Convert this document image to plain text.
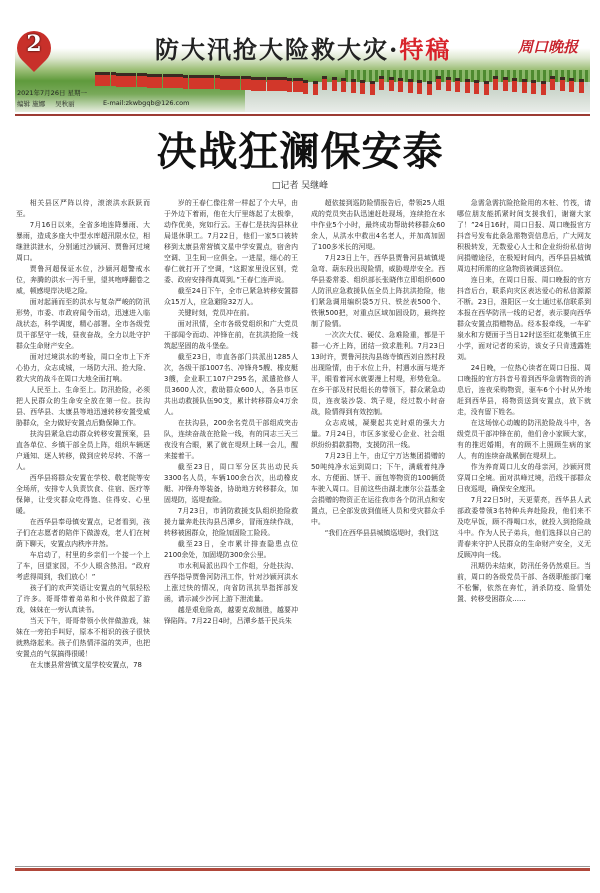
2	防大汛抢大险救大灾·特稿	周口晚报
2021年7月26日 星期一
编辑 施娜 吴秋丽	E-mail:zkwbgqb@126.com
决战狂澜保安泰
□记者 吴继峰

相关县区严阵以待，滚滚洪水跃跃而至。

7月16日以来，全省多地连降暴雨、大暴雨，造成多座大中型水库超汛限水位，相继泄洪泄水，分别通过沙颍河、贾鲁河过境周口。

贾鲁河超保证水位，沙颍河超警戒水位，奔腾的洪水一泻千里，望其咆哮翻卷之威，顿感堤岸决堤之险。

面对起涌而至的洪水与复杂严峻的防汛形势，市委、市政府闻令而动，迅速进入临战状态，科学调度，精心部署。全市各级党员干部坚守一线，昼夜奋战，全力以赴守护群众生命财产安全。

面对过境洪水的考验，周口全市上下齐心协力，众志成城，一场防大汛、抢大险、救大灾的战斗在周口大地全面打响。

人民至上、生命至上。防汛抢险，必须把人民群众的生命安全放在第一位。扶沟县、西华县、太康县等地迅速转移安置受威胁群众，全力做好安置点后勤保障工作。

扶沟县紧急启动群众转移安置预案，县直各单位、乡镇干部全员上阵，组织车辆逐户通知、逐人转移，做到应转尽转、不落一人。

西华县将群众安置在学校、敬老院等安全场所，安排专人负责饮食、住宿、医疗等保障，让受灾群众吃得饱、住得安、心里暖。

在西华县奉母镇安置点，记者看到，孩子们在志愿者的陪伴下做游戏，老人们在树荫下聊天，安置点内秩序井然。

车启动了，村里的乡亲们一个接一个上了车，回望家园，不少人眼含热泪。“政府考虑得周到，我们放心！”

孩子们的欢声笑语让安置点的气氛轻松了许多。哥哥带着弟弟和小伙伴做起了游戏，妹妹在一旁认真读书。

当天下午，哥哥带领小伙伴做游戏，妹妹在一旁拍手叫好，原本不相识的孩子很快就熟络起来。孩子们热情洋溢的笑声，也把安置点的气氛搞得很暖！

在太康县常营镇文星学校安置点，78

岁的王春仁像往常一样起了个大早，由于外边下着雨，他在大厅里练起了太极拳，动作优美，宛如行云。王春仁是扶沟县林业局退休职工。7月22日，他们一家5口被转移到太康县常营镇文星中学安置点，宿舍内空调、卫生间一应俱全。一进屋，细心的王春仁就打开了空调，“这跟家里没区别，党委、政府安排得真周到。”王春仁连声说。

截至24日下午，全市已紧急转移安置群众15万人，应急避险32万人。

关键时刻，党员冲在前。

面对汛情，全市各级党组织和广大党员干部闻令而动、冲锋在前，在抗洪抢险一线筑起坚固的战斗堡垒。

截至23日，市直各部门共派出1285人次，各级干部1007名、冲锋舟5艘、橡皮艇3艘，企业职工107户295名，派遣抢修人员3600人次，救助群众600人，各县市区共出动救援队伍90支，累计转移群众4万余人。

在扶沟县，200余名党员干部组成突击队，连续奋战在抢险一线，有的同志三天三夜没有合眼，累了就在堤坝上眯一会儿，醒来接着干。

截至23日，周口军分区共出动民兵3300名人员，车辆100余台次，出动橡皮艇、冲锋舟等装备，协助地方转移群众，加固堤防，巡堤查险。

7月23日，市消防救援支队组织抢险救援力量奔赴扶沟县吕潭乡，冒雨连续作战，转移被困群众，抢险加固险工险段。

截至23日，全市累计排查隐患点位2100余处，加固堤防300余公里。

市水利局派出四个工作组，分赴扶沟、西华指导贾鲁河防汛工作，针对沙颍河洪水上涨过快的情况，向省防汛抗旱指挥部发函，请示减少沙河上游下泄流量。

越是艰危险高，越要克敌制胜，越要冲锋陷阵。7月22日4时，吕潭乡基干民兵朱

超依接到巡防险情报告后，带领25人组成的党员突击队迅速赶赴现场，连续抢在水中作业5个小时，最终成功帮助转移群众60余人，从洪水中救出4名老人，并加高加固了100多米长的河堤。

7月23日上午，西华县贾鲁河县域镇堤急弯、葫东段出现险情，威胁堤岸安全。西华县委常委、组织部长张晓伟立即组织600人防汛应急救援队伍全员上阵抗洪抢险，他们紧急调用编织袋5万只、铁丝表500个、铁锹500把，对重点区域加固设防，最终控制了险情。

一次次大仗、硬仗、急难险重，都是干群一心齐上阵，团结一致求胜利。7月23日13时许，贾鲁河扶沟县练寺镇西刘自然村段出现险情，由于水位上升，村遇水面与堤齐平，眼看着河水就要漫上村堤，形势危急。在乡干部及村民组长的带领下，群众紧急动员，连夜装沙袋、筑子堤，经过数小时奋战，险情得到有效控制。

众志成城，凝聚起共克时艰的强大力量。7月24日，市区多家爱心企业、社会组织纷纷捐款捐物，支援防汛一线。

7月23日上午，由辽宁万达集团捐赠的50吨纯净水运到周口；下午，满载着纯净水、方便面、饼干、面包等物资的100辆货车驶入周口。目前这些由湖北康尔公益基金会捐赠的物资正在运往我市各个防汛点和安置点，已全部发放到值班人员和受灾群众手中。

“我们在西华县县城镇巡堤时，我们这

急需急需抗险抢险用的木桩、竹筏，请哪位朋友能抓紧时间支援我们，谢谢大家了！”24日16时，周口日报、周口晚报官方抖音号发布此条急需物资信息后，广大网友积极转发，无数爱心人士和企业纷纷私信询问捐赠途径，在极短时间内，西华县县城镇周边村所需的应急物资被调送到位。

连日来，在周口日报、周口晚报的官方抖音后台，联系向灾区表达爱心的私信源源不断。23日，淮阳区一女士通过私信联系到本报在西华防汛一线的记者，表示要向西华群众安置点捐赠物品。经本报牵线，一车矿泉水和方便面于当日12时送至红花集镇王庄小学，面对记者的采访，该女子只肯透露姓刘。

24日晚，一位热心读者在周口日报、周口晚报的官方抖音号看到西华急需物资的消息后，连夜采购物资，驱车6个小时从外地赶到西华县，将物资送到安置点，放下就走，没有留下姓名。

在这场惊心动魄的防汛抢险战斗中，各级党员干部冲锋在前，他们舍小家顾大家，有的推迟婚期，有的顾不上照顾生病的家人，有的连续奋战累倒在堤坝上。

作为养育周口儿女的母亲河，沙颍河贯穿周口全境。面对洪峰过境，沿线干部群众日夜巡堤，确保安全度汛。

7月22日5时，天更蒙亮，西华县人武部政委带领3名特种兵奔赴险段，他们来不及吃早饭，顾不得喝口水，就投入到抢险战斗中。作为人民子弟兵，他们选择以自己的青春来守护人民群众的生命财产安全，义无反顾冲向一线。

汛期仍未结束，防汛任务仍然艰巨。当前，周口的各级党员干部、各级职能部门毫不松懈，依然在奔忙，消杀防疫、险情处置、转移受困群众……
